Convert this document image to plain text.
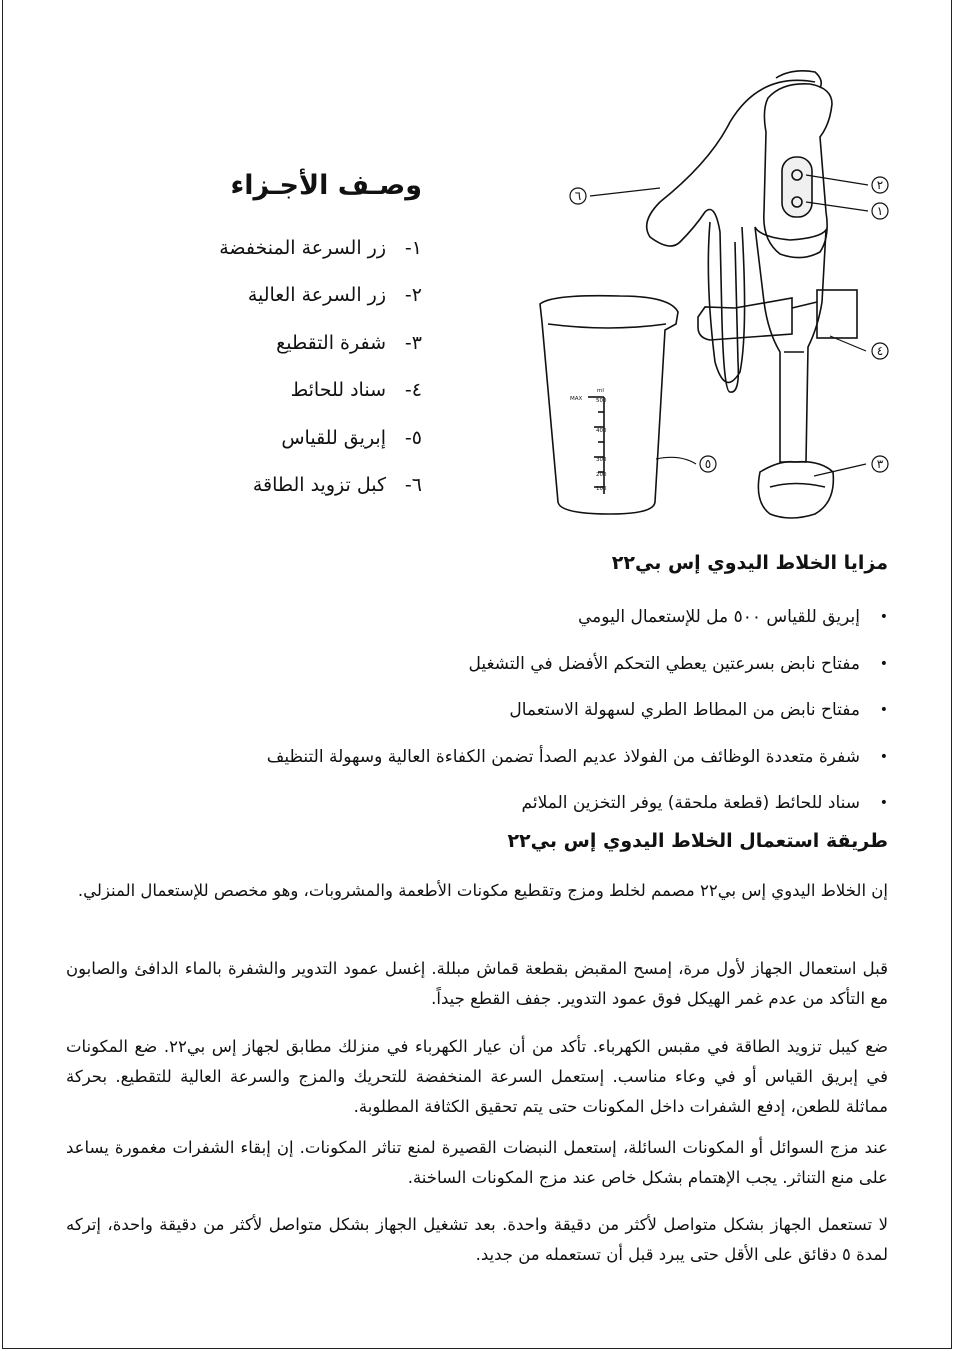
وصـف الأجـزاء
١-
زر السرعة المنخفضة
٢-
زر السرعة العالية
٣-
شفرة التقطيع
٤-
سناد للحائط
٥-
إبريق للقياس
٦-
كبل تزويد الطاقة
٦
٢
١
٤
٥	٣
ml
MAX 500
400
300
200
100
مزايا الخلاط اليدوي إس بي٢٢
•
إبريق للقياس ٥٠٠ مل للإستعمال اليومي
•
مفتاح نابض بسرعتين يعطي التحكم الأفضل في التشغيل
•
مفتاح نابض من المطاط الطري لسهولة الاستعمال
•
شفرة متعددة الوظائف من الفولاذ عديم الصدأ تضمن الكفاءة العالية وسهولة التنظيف
•
سناد للحائط (قطعة ملحقة) يوفر التخزين الملائم
طريقة استعمال الخلاط اليدوي إس بي٢٢

إن الخلاط اليدوي إس بي٢٢ مصمم لخلط ومزج وتقطيع مكونات الأطعمة والمشروبات، وهو مخصص للإستعمال المنزلي.

قبل استعمال الجهاز لأول مرة، إمسح المقبض بقطعة قماش مبللة. إغسل عمود التدوير والشفرة بالماء الدافئ والصابون مع التأكد من عدم غمر الهيكل فوق عمود التدوير. جفف القطع جيداً.

ضع كيبل تزويد الطاقة في مقبس الكهرباء. تأكد من أن عيار الكهرباء في منزلك مطابق لجهاز إس بي٢٢. ضع المكونات في إبريق القياس أو في وعاء مناسب. إستعمل السرعة المنخفضة للتحريك والمزج والسرعة العالية للتقطيع. بحركة مماثلة للطعن، إدفع الشفرات داخل المكونات حتى يتم تحقيق الكثافة المطلوبة.

عند مزج السوائل أو المكونات السائلة، إستعمل النبضات القصيرة لمنع تناثر المكونات. إن إبقاء الشفرات مغمورة يساعد على منع التناثر. يجب الإهتمام بشكل خاص عند مزج المكونات الساخنة.

لا تستعمل الجهاز بشكل متواصل لأكثر من دقيقة واحدة. بعد تشغيل الجهاز بشكل متواصل لأكثر من دقيقة واحدة، إتركه لمدة ٥ دقائق على الأقل حتى يبرد قبل أن تستعمله من جديد.
